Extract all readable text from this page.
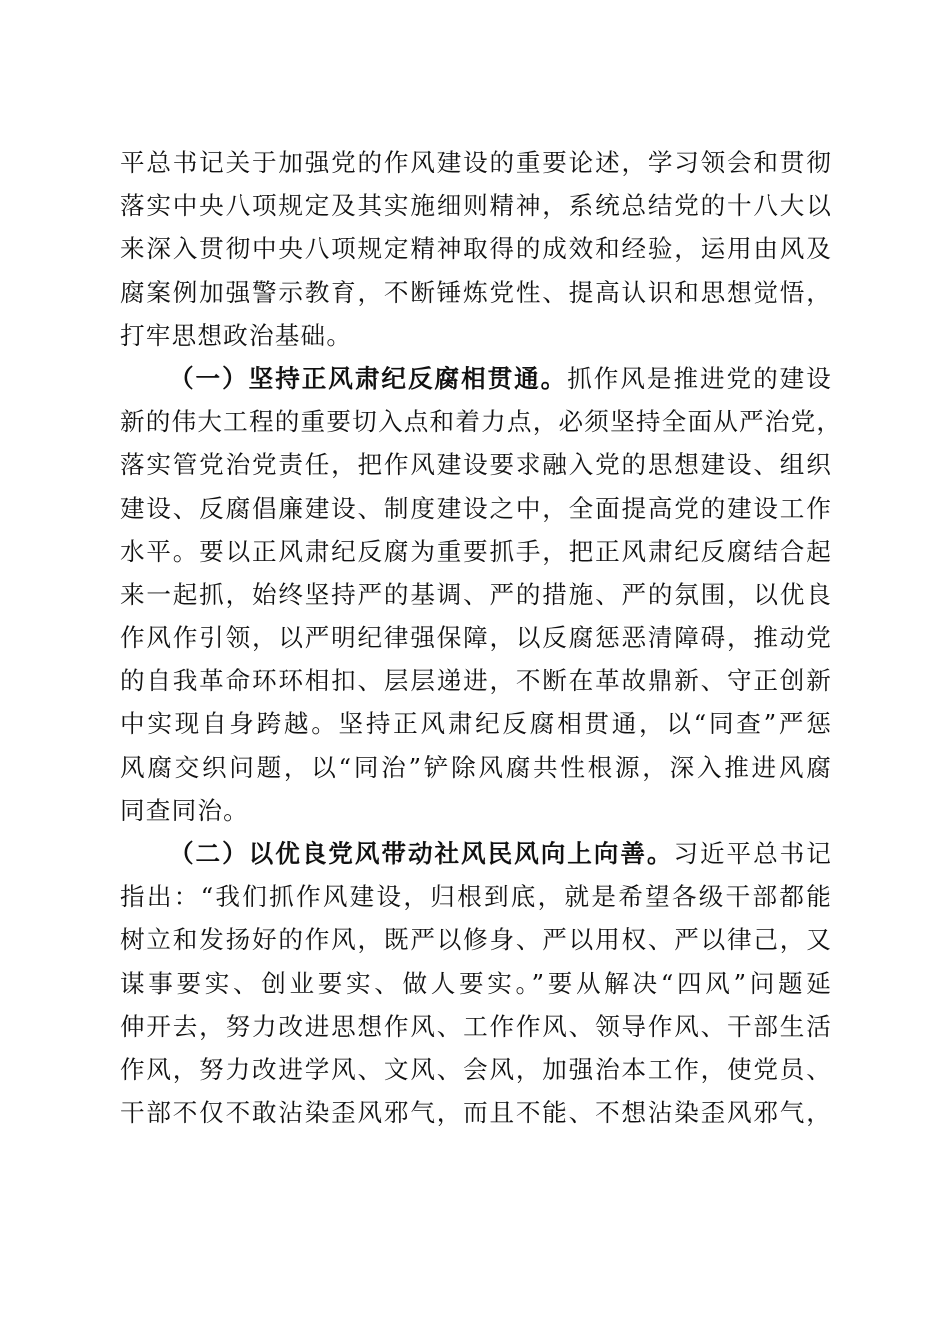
平总书记关于加强党的作风建设的重要论述，学习领会和贯彻
落实中央八项规定及其实施细则精神，系统总结党的十八大以
来深入贯彻中央八项规定精神取得的成效和经验，运用由风及
腐案例加强警示教育，不断锤炼党性、提高认识和思想觉悟，
打牢思想政治基础。
（一）坚持正风肃纪反腐相贯通。抓作风是推进党的建设
新的伟大工程的重要切入点和着力点，必须坚持全面从严治党，
落实管党治党责任，把作风建设要求融入党的思想建设、组织
建设、反腐倡廉建设、制度建设之中，全面提高党的建设工作
水平。要以正风肃纪反腐为重要抓手，把正风肃纪反腐结合起
来一起抓，始终坚持严的基调、严的措施、严的氛围，以优良
作风作引领，以严明纪律强保障，以反腐惩恶清障碍，推动党
的自我革命环环相扣、层层递进，不断在革故鼎新、守正创新
中实现自身跨越。坚持正风肃纪反腐相贯通，以“同查”严惩
风腐交织问题，以“同治”铲除风腐共性根源，深入推进风腐
同查同治。
（二）以优良党风带动社风民风向上向善。习近平总书记
指出：“我们抓作风建设，归根到底，就是希望各级干部都能
树立和发扬好的作风，既严以修身、严以用权、严以律己，又
谋事要实、创业要实、做人要实。”要从解决“四风”问题延
伸开去，努力改进思想作风、工作作风、领导作风、干部生活
作风，努力改进学风、文风、会风，加强治本工作，使党员、
干部不仅不敢沾染歪风邪气，而且不能、不想沾染歪风邪气，
